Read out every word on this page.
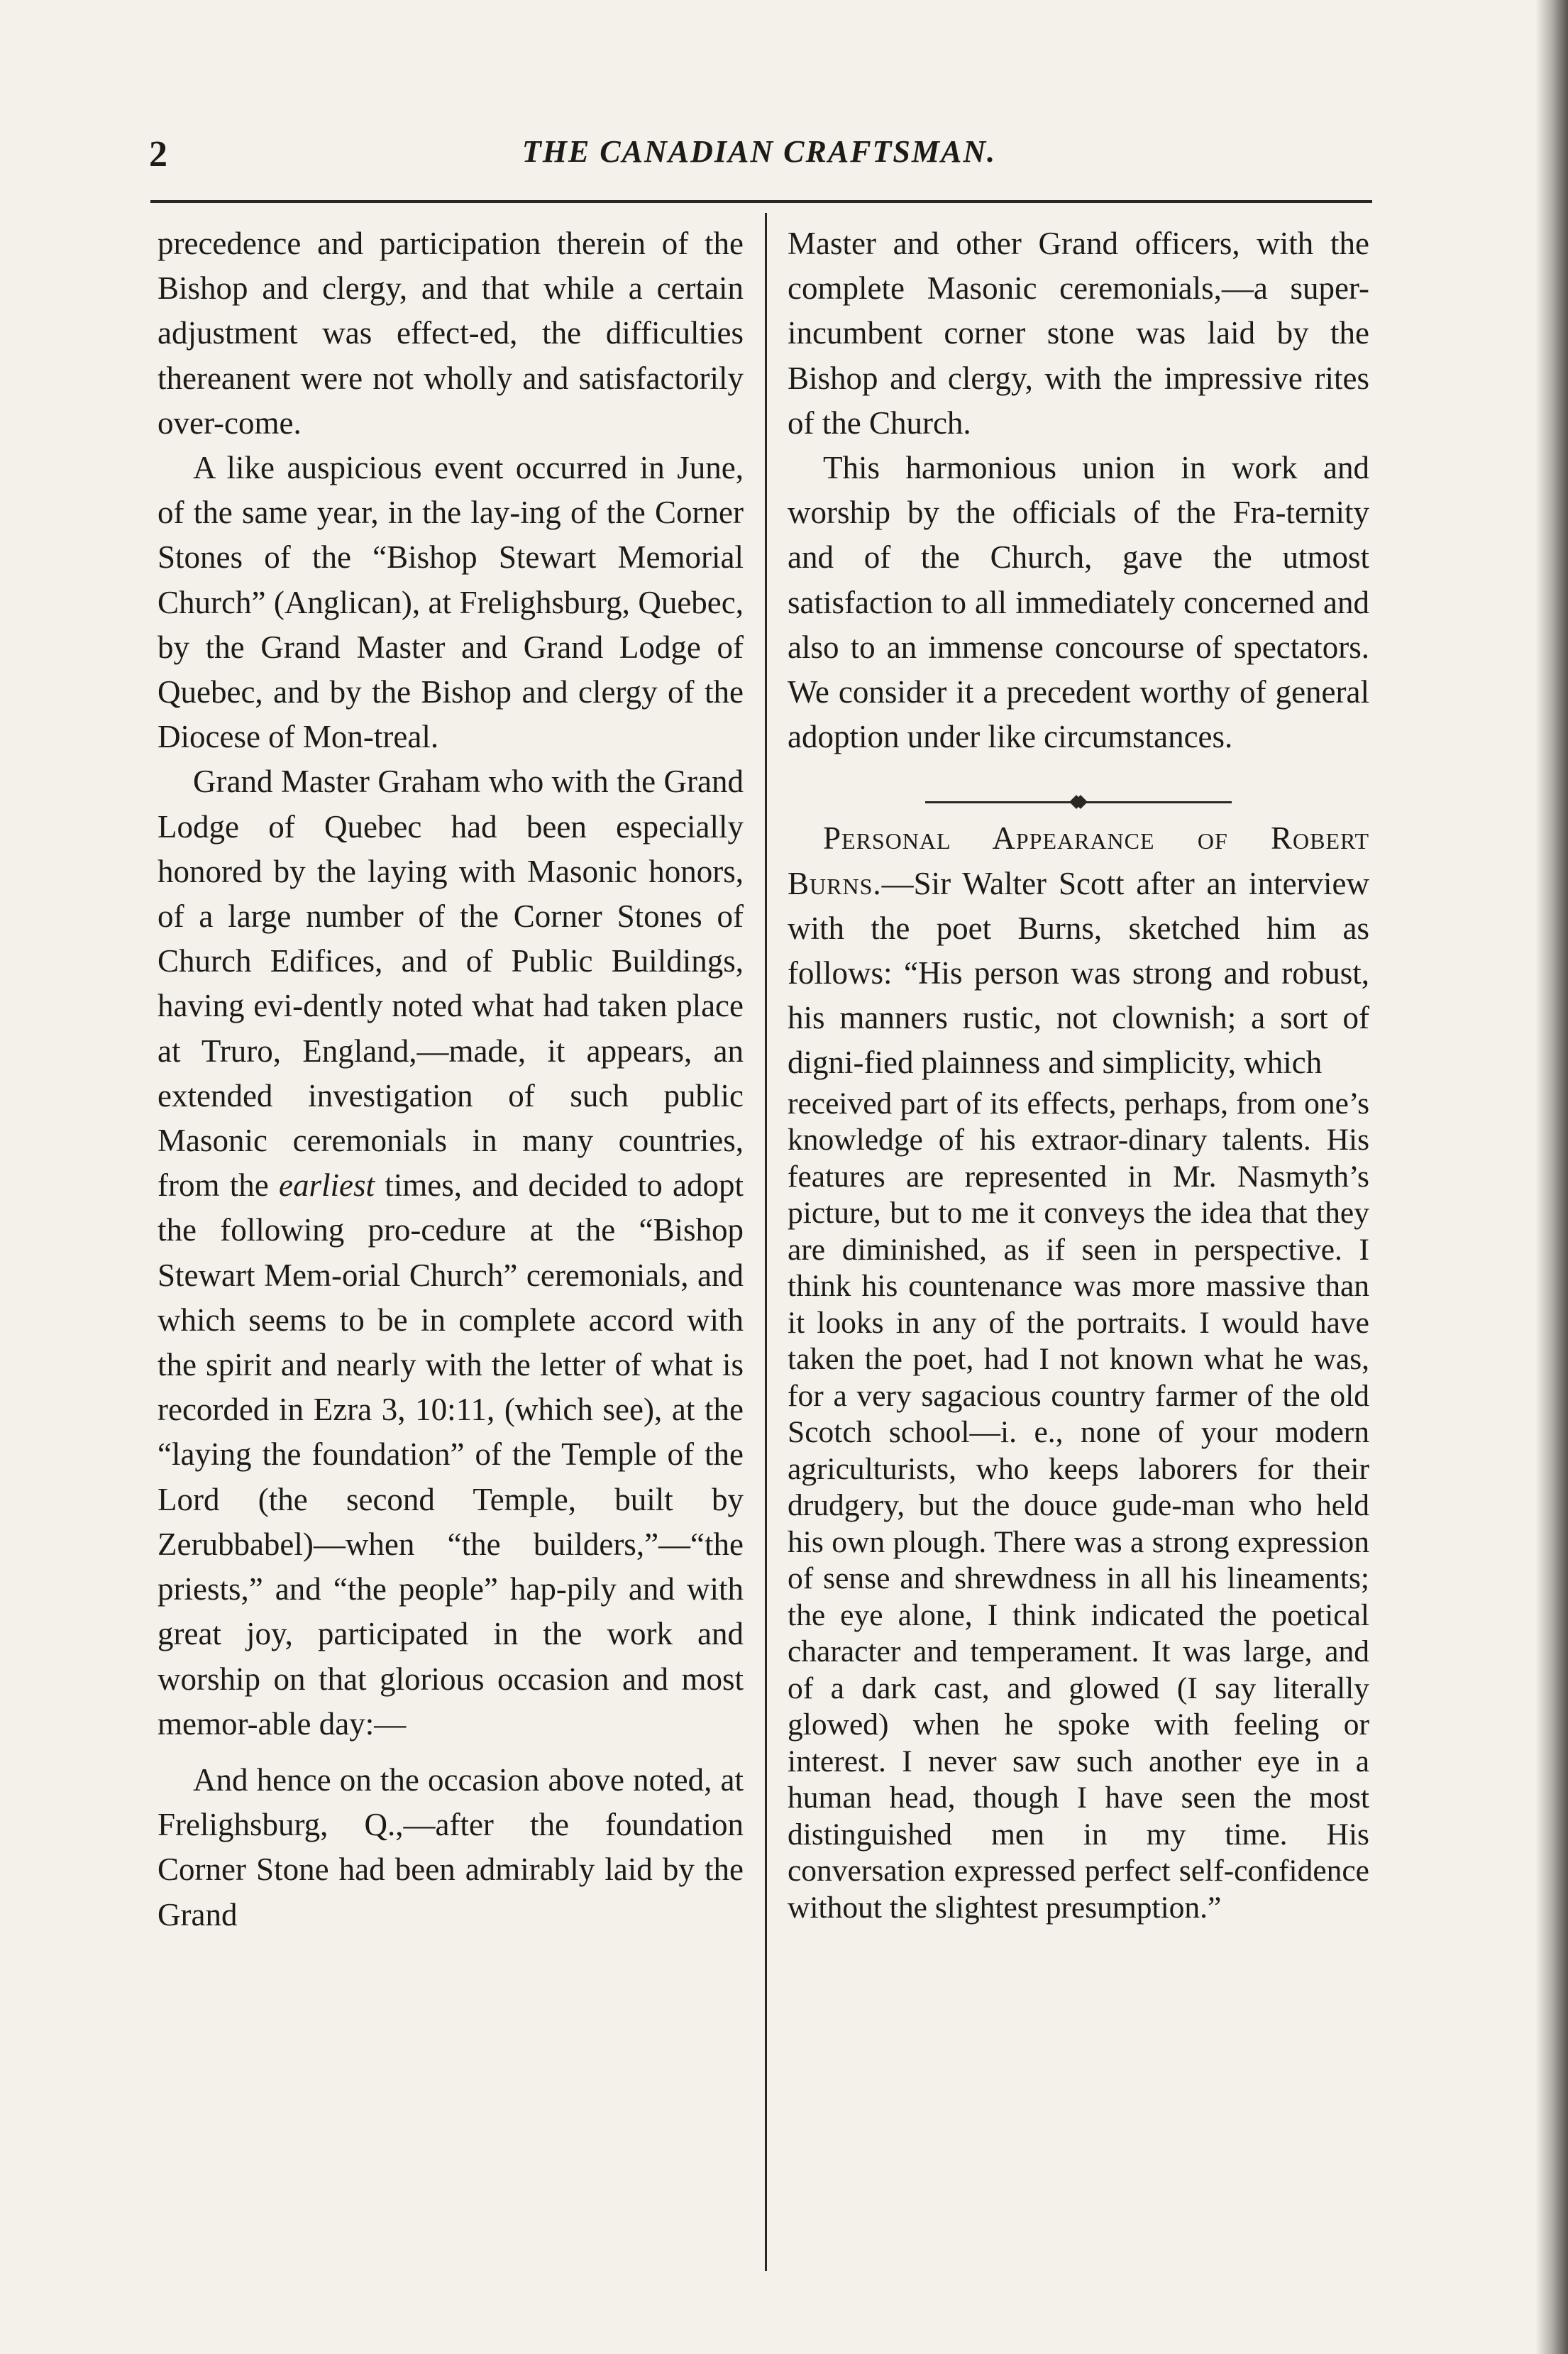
2	THE CANADIAN CRAFTSMAN.

precedence and participation therein of the Bishop and clergy, and that while a certain adjustment was effect-ed, the difficulties thereanent were not wholly and satisfactorily over-come.

A like auspicious event occurred in June, of the same year, in the lay-ing of the Corner Stones of the “Bishop Stewart Memorial Church” (Anglican), at Frelighsburg, Quebec, by the Grand Master and Grand Lodge of Quebec, and by the Bishop and clergy of the Diocese of Mon-treal.

Grand Master Graham who with the Grand Lodge of Quebec had been especially honored by the laying with Masonic honors, of a large number of the Corner Stones of Church Edifices, and of Public Buildings, having evi-dently noted what had taken place at Truro, England,—made, it appears, an extended investigation of such public Masonic ceremonials in many countries, from the earliest times, and decided to adopt the following pro-cedure at the “Bishop Stewart Mem-orial Church” ceremonials, and which seems to be in complete accord with the spirit and nearly with the letter of what is recorded in Ezra 3, 10:11, (which see), at the “laying the foundation” of the Temple of the Lord (the second Temple, built by Zerubbabel)—when “the builders,”—“the priests,” and “the people” hap-pily and with great joy, participated in the work and worship on that glorious occasion and most memor-able day:—

And hence on the occasion above noted, at Frelighsburg, Q.,—after the foundation Corner Stone had been admirably laid by the Grand

Master and other Grand officers, with the complete Masonic ceremonials,—a super-incumbent corner stone was laid by the Bishop and clergy, with the impressive rites of the Church.

This harmonious union in work and worship by the officials of the Fra-ternity and of the Church, gave the utmost satisfaction to all immediately concerned and also to an immense concourse of spectators. We consider it a precedent worthy of general adoption under like circumstances.

Personal Appearance of Robert Burns.—Sir Walter Scott after an interview with the poet Burns, sketched him as follows: “His person was strong and robust, his manners rustic, not clownish; a sort of digni-fied plainness and simplicity, which

received part of its effects, perhaps, from one’s knowledge of his extraor-dinary talents. His features are represented in Mr. Nasmyth’s picture, but to me it conveys the idea that they are diminished, as if seen in perspective. I think his countenance was more massive than it looks in any of the portraits. I would have taken the poet, had I not known what he was, for a very sagacious country farmer of the old Scotch school—i. e., none of your modern agriculturists, who keeps laborers for their drudgery, but the douce gude-man who held his own plough. There was a strong expression of sense and shrewdness in all his lineaments; the eye alone, I think indicated the poetical character and temperament. It was large, and of a dark cast, and glowed (I say literally glowed) when he spoke with feeling or interest. I never saw such another eye in a human head, though I have seen the most distinguished men in my time. His conversation expressed perfect self-confidence without the slightest presumption.”
